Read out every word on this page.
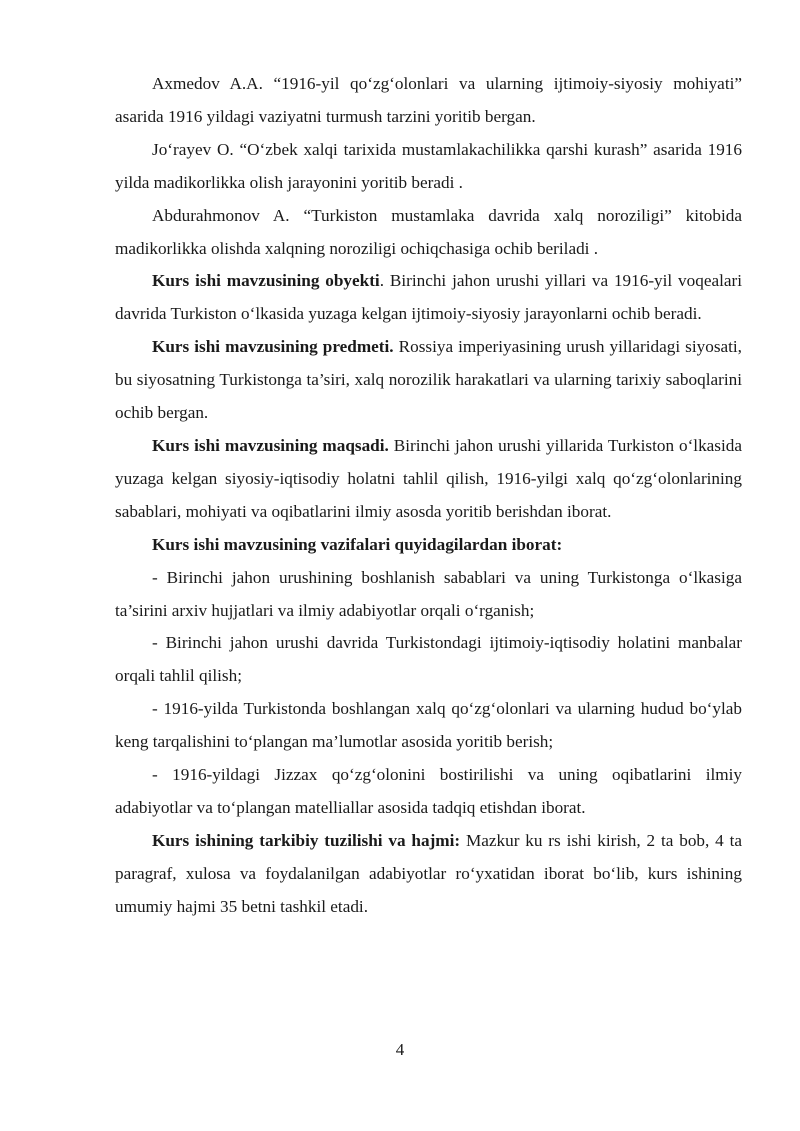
Axmedov A.A. “1916-yil qo‘zg‘olonlari va ularning ijtimoiy-siyosiy mohiyati” asarida 1916 yildagi vaziyatni turmush tarzini yoritib bergan.

Jo‘rayev O. “O‘zbek xalqi tarixida mustamlakachilikka qarshi kurash” asarida 1916 yilda madikorlikka olish jarayonini yoritib beradi .

Abdurahmonov A. “Turkiston mustamlaka davrida xalq noroziligi” kitobida madikorlikka olishda xalqning noroziligi ochiqchasiga ochib beriladi .

Kurs ishi mavzusining obyekti. Birinchi jahon urushi yillari va 1916-yil voqealari davrida Turkiston o‘lkasida yuzaga kelgan ijtimoiy-siyosiy jarayonlarni ochib beradi.

Kurs ishi mavzusining predmeti. Rossiya imperiyasining urush yillaridagi siyosati, bu siyosatning Turkistonga ta’siri, xalq norozilik harakatlari va ularning tarixiy saboqlarini ochib bergan.

Kurs ishi mavzusining maqsadi. Birinchi jahon urushi yillarida Turkiston o‘lkasida yuzaga kelgan siyosiy-iqtisodiy holatni tahlil qilish, 1916-yilgi xalq qo‘zg‘olonlarining sabablari, mohiyati va oqibatlarini ilmiy asosda yoritib berishdan iborat.

Kurs ishi mavzusining vazifalari quyidagilardan iborat:

- Birinchi jahon urushining boshlanish sabablari va uning Turkistonga o‘lkasiga ta’sirini arxiv hujjatlari va ilmiy adabiyotlar orqali o‘rganish;

- Birinchi jahon urushi davrida Turkistondagi ijtimoiy-iqtisodiy holatini manbalar orqali tahlil qilish;

- 1916-yilda Turkistonda boshlangan xalq qo‘zg‘olonlari va ularning hudud bo‘ylab keng tarqalishini to‘plangan ma’lumotlar asosida yoritib berish;

- 1916-yildagi Jizzax qo‘zg‘olonini bostirilishi va uning oqibatlarini ilmiy adabiyotlar va to‘plangan matelliallar asosida tadqiq etishdan iborat.

Kurs ishining tarkibiy tuzilishi va hajmi: Mazkur ku rs ishi kirish, 2 ta bob, 4 ta paragraf, xulosa va foydalanilgan adabiyotlar ro‘yxatidan iborat bo‘lib, kurs ishining umumiy hajmi 35 betni tashkil etadi.

4
